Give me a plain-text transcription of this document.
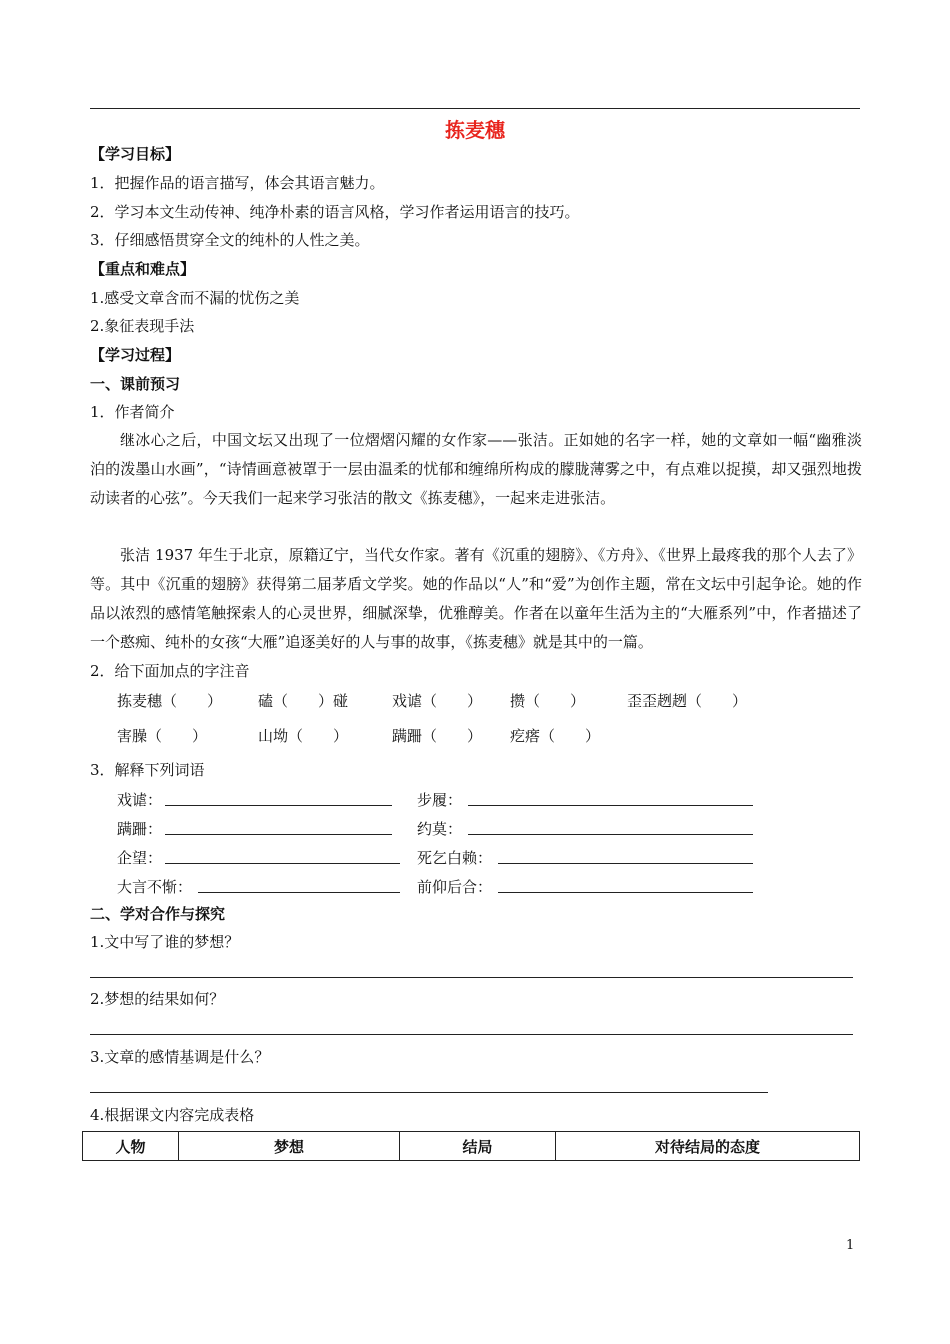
拣麦穗
【学习目标】
1．把握作品的语言描写，体会其语言魅力。
2．学习本文生动传神、纯净朴素的语言风格，学习作者运用语言的技巧。
3．仔细感悟贯穿全文的纯朴的人性之美。
【重点和难点】
1.感受文章含而不漏的忧伤之美
2.象征表现手法
【学习过程】
一、课前预习
1．作者简介
继冰心之后，中国文坛又出现了一位熠熠闪耀的女作家——张洁。正如她的名字一样，她的文章如一幅“幽雅淡泊的泼墨山水画”，“诗情画意被罩于一层由温柔的忧郁和缠绵所构成的朦胧薄雾之中，有点难以捉摸，却又强烈地拨动读者的心弦”。今天我们一起来学习张洁的散文《拣麦穗》，一起来走进张洁。
张洁 1937 年生于北京，原籍辽宁，当代女作家。著有《沉重的翅膀》、《方舟》、《世界上最疼我的那个人去了》等。其中《沉重的翅膀》获得第二届茅盾文学奖。她的作品以“人”和“爱”为创作主题，常在文坛中引起争论。她的作品以浓烈的感情笔触探索人的心灵世界，细腻深挚，优雅醇美。作者在以童年生活为主的“大雁系列”中，作者描述了一个憨痴、纯朴的女孩“大雁”追逐美好的人与事的故事，《拣麦穗》就是其中的一篇。
2．给下面加点的字注音
拣麦穗（　　） 磕（　　）碰	戏谑（　　） 攒（　　）	歪歪趔趔（　　）
害臊（　　）	山坳（　　）	蹒跚（　　） 疙瘩（　　）
3．解释下列词语
戏谑：	步履：
蹒跚：	约莫：
企望：	死乞白赖：
大言不惭：	前仰后合：
二、学对合作与探究
1.文中写了谁的梦想？
2.梦想的结果如何？
3.文章的感情基调是什么？
4.根据课文内容完成表格
人物	梦想	结局	对待结局的态度
1
